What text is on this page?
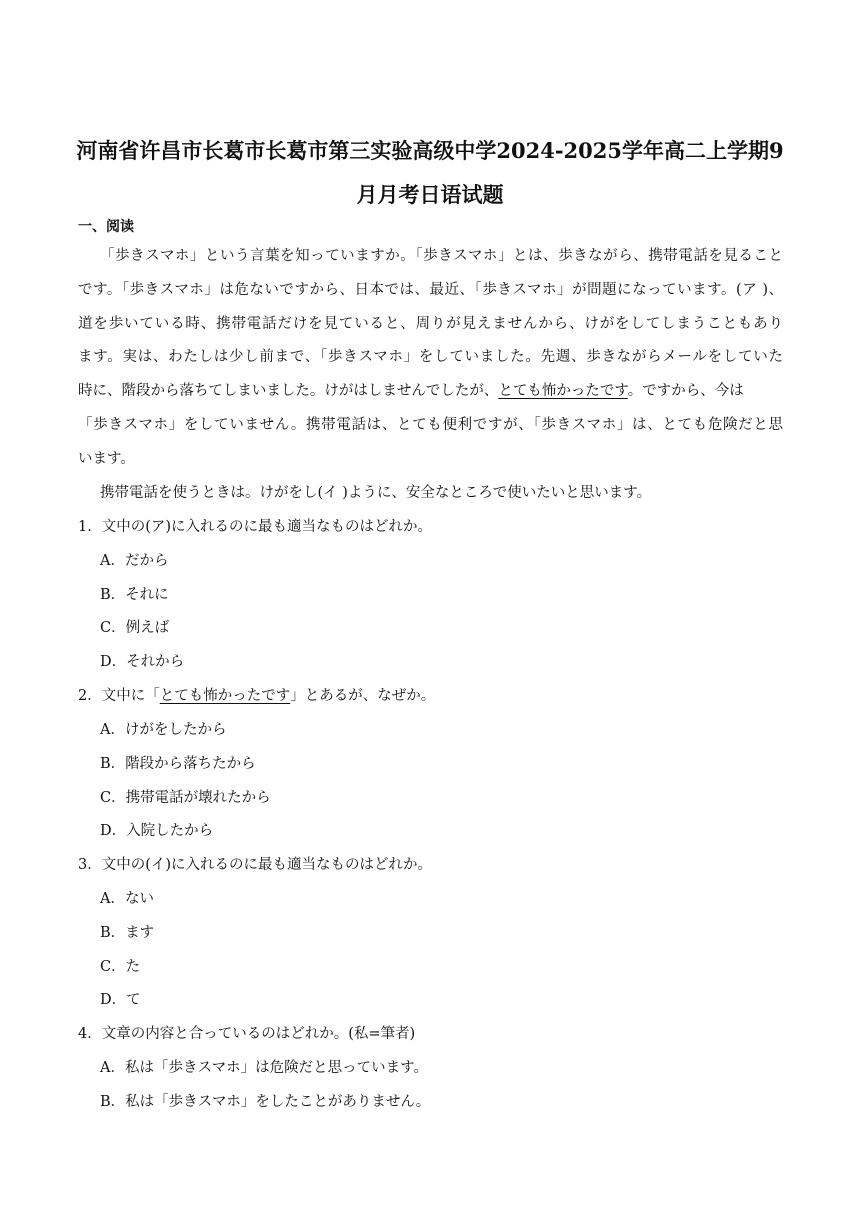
河南省许昌市长葛市长葛市第三实验高级中学2024-2025学年高二上学期9
月月考日语试题
一、阅读
「歩きスマホ」という言葉を知っていますか。「歩きスマホ」とは、歩きながら、携帯電話を見ること
です。「歩きスマホ」は危ないですから、日本では、最近、「歩きスマホ」が問題になっています。(ア )、
道を歩いている時、携帯電話だけを見ていると、周りが見えませんから、けがをしてしまうこともあり
ます。実は、わたしは少し前まで、「歩きスマホ」をしていました。先週、歩きながらメールをしていた
時に、階段から落ちてしまいました。けがはしませんでしたが、とても怖かったです。ですから、今は
「歩きスマホ」をしていません。携帯電話は、とても便利ですが、「歩きスマホ」は、とても危険だと思
います。
携帯電話を使うときは。けがをし(イ )ように、安全なところで使いたいと思います。
1．文中の(ア)に入れるのに最も適当なものはどれか。
A．だから
B．それに
C．例えば
D．それから
2．文中に「とても怖かったです」とあるが、なぜか。
A．けがをしたから
B．階段から落ちたから
C．携帯電話が壊れたから
D．入院したから
3．文中の(イ)に入れるのに最も適当なものはどれか。
A．ない
B．ます
C．た
D．て
4．文章の内容と合っているのはどれか。(私=筆者)
A．私は「歩きスマホ」は危険だと思っています。
B．私は「歩きスマホ」をしたことがありません。
